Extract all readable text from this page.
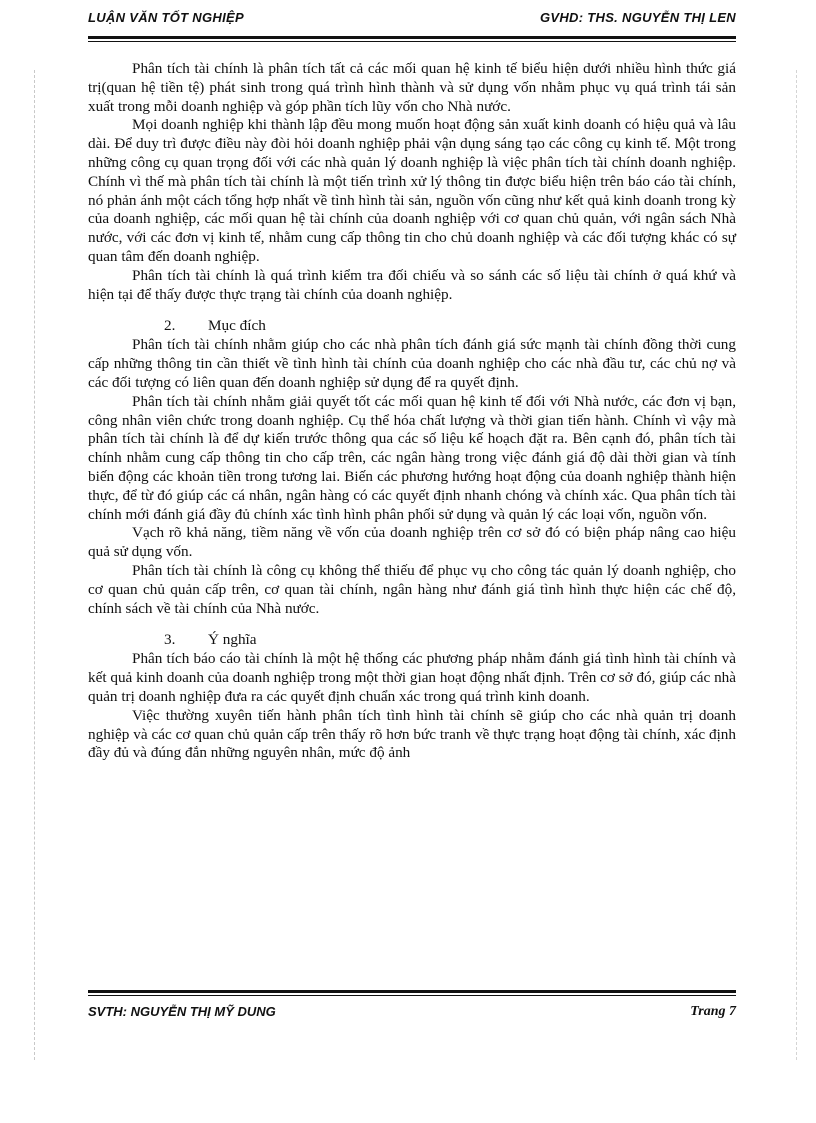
LUẬN VĂN TỐT NGHIỆP	GVHD: THS. NGUYỄN THỊ LEN

Phân tích tài chính là phân tích tất cả các mối quan hệ kinh tế biểu hiện dưới nhiều hình thức giá trị(quan hệ tiền tệ) phát sinh trong quá trình hình thành và sử dụng vốn nhằm phục vụ quá trình tái sản xuất trong mỗi doanh nghiệp và góp phần tích lũy vốn cho Nhà nước.

Mọi doanh nghiệp khi thành lập đều mong muốn hoạt động sản xuất kinh doanh có hiệu quả và lâu dài. Để duy trì được điều này đòi hỏi doanh nghiệp phải vận dụng sáng tạo các công cụ kinh tế. Một trong những công cụ quan trọng đối với các nhà quản lý doanh nghiệp là việc phân tích tài chính doanh nghiệp. Chính vì thế mà phân tích tài chính là một tiến trình xử lý thông tin được biểu hiện trên báo cáo tài chính, nó phản ánh một cách tổng hợp nhất về tình hình tài sản, nguồn vốn cũng như kết quả kinh doanh trong kỳ của doanh nghiệp, các mối quan hệ tài chính của doanh nghiệp với cơ quan chủ quản, với ngân sách Nhà nước, với các đơn vị kinh tế, nhằm cung cấp thông tin cho chủ doanh nghiệp và các đối tượng khác có sự quan tâm đến doanh nghiệp.

Phân tích tài chính là quá trình kiểm tra đối chiếu và so sánh các số liệu tài chính ở quá khứ và hiện tại để thấy được thực trạng tài chính của doanh nghiệp.

2. Mục đích

Phân tích tài chính nhằm giúp cho các nhà phân tích đánh giá sức mạnh tài chính đồng thời cung cấp những thông tin cần thiết về tình hình tài chính của doanh nghiệp cho các nhà đầu tư, các chủ nợ và các đối tượng có liên quan đến doanh nghiệp sử dụng để ra quyết định.

Phân tích tài chính nhằm giải quyết tốt các mối quan hệ kinh tế đối với Nhà nước, các đơn vị bạn, công nhân viên chức trong doanh nghiệp. Cụ thể hóa chất lượng và thời gian tiến hành. Chính vì vậy mà phân tích tài chính là để dự kiến trước thông qua các số liệu kế hoạch đặt ra. Bên cạnh đó, phân tích tài chính nhằm cung cấp thông tin cho cấp trên, các ngân hàng trong việc đánh giá độ dài thời gian và tính biến động các khoản tiền trong tương lai. Biến các phương hướng hoạt động của doanh nghiệp thành hiện thực, để từ đó giúp các cá nhân, ngân hàng có các quyết định nhanh chóng và chính xác. Qua phân tích tài chính mới đánh giá đầy đủ chính xác tình hình phân phối sử dụng và quản lý các loại vốn, nguồn vốn.

Vạch rõ khả năng, tiềm năng về vốn của doanh nghiệp trên cơ sở đó có biện pháp nâng cao hiệu quả sử dụng vốn.

Phân tích tài chính là công cụ không thể thiếu để phục vụ cho công tác quản lý doanh nghiệp, cho cơ quan chủ quản cấp trên, cơ quan tài chính, ngân hàng như đánh giá tình hình thực hiện các chế độ, chính sách về tài chính của Nhà nước.

3. Ý nghĩa

Phân tích báo cáo tài chính là một hệ thống các phương pháp nhằm đánh giá tình hình tài chính và kết quả kinh doanh của doanh nghiệp trong một thời gian hoạt động nhất định. Trên cơ sở đó, giúp các nhà quản trị doanh nghiệp đưa ra các quyết định chuẩn xác trong quá trình kinh doanh.

Việc thường xuyên tiến hành phân tích tình hình tài chính sẽ giúp cho các nhà quản trị doanh nghiệp và các cơ quan chủ quản cấp trên thấy rõ hơn bức tranh về thực trạng hoạt động tài chính, xác định đầy đủ và đúng đắn những nguyên nhân, mức độ ảnh

SVTH: NGUYỄN THỊ MỸ DUNG	Trang 7
